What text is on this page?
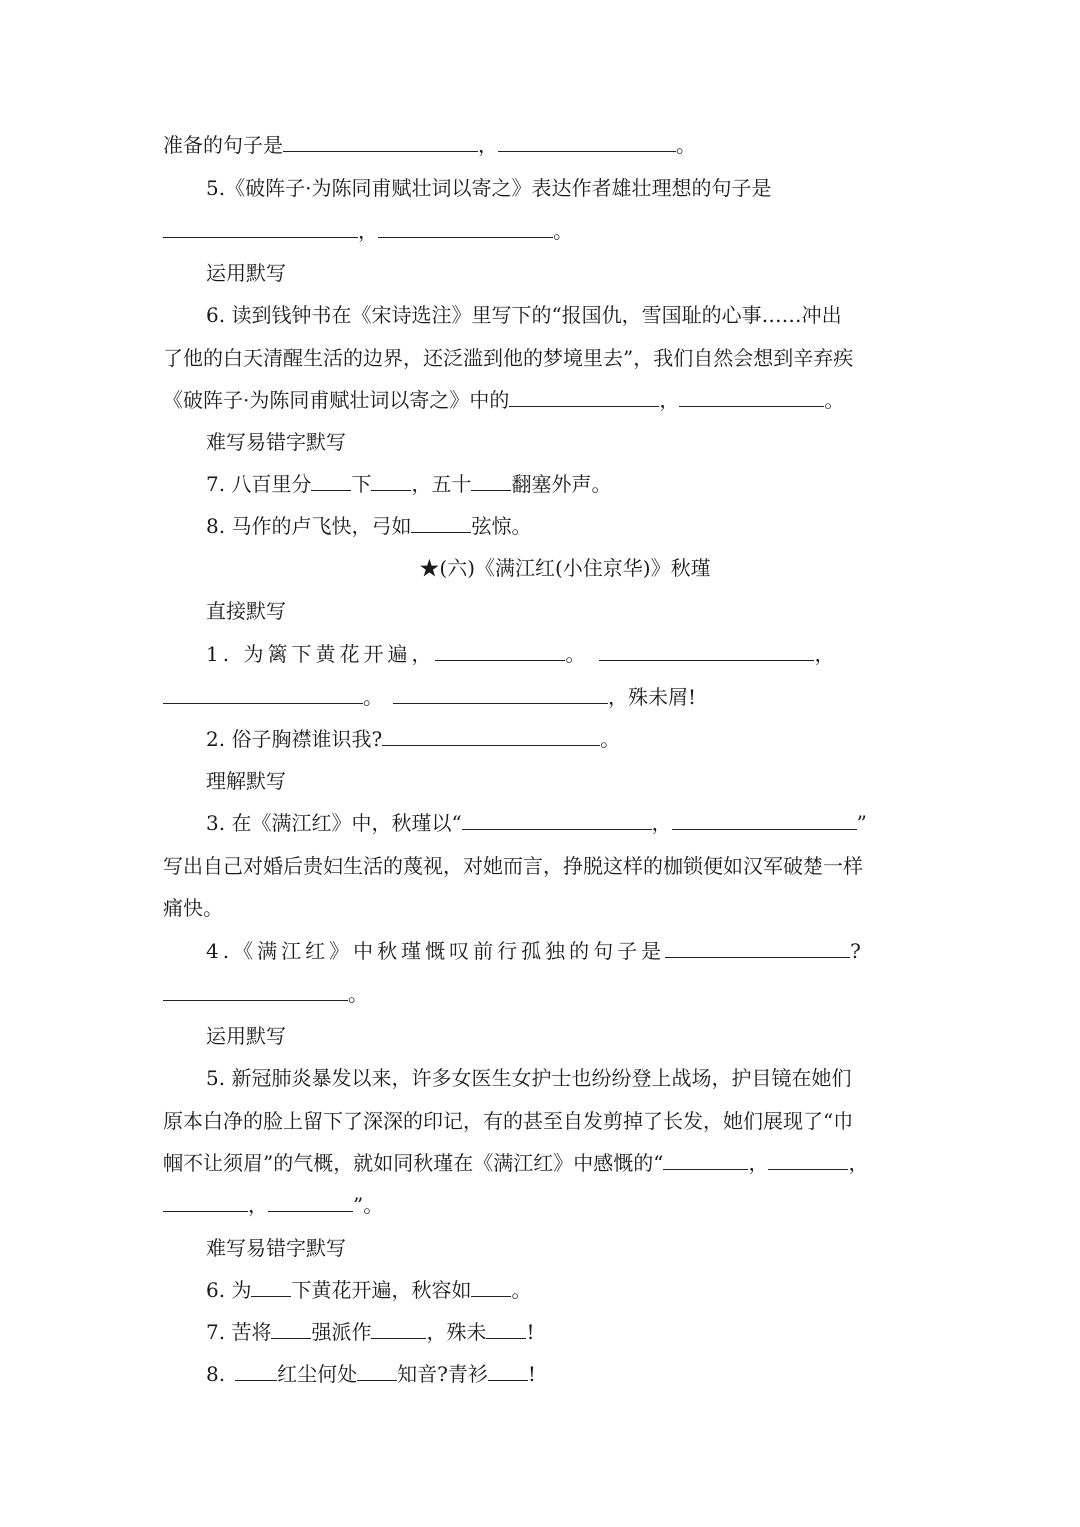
准备的句子是	，	。
5.《破阵子·为陈同甫赋壮词以寄之》表达作者雄壮理想的句子是
，	。
运用默写
6. 读到钱钟书在《宋诗选注》里写下的“报国仇，雪国耻的心事……冲出
了他的白天清醒生活的边界，还泛滥到他的梦境里去”，我们自然会想到辛弃疾
《破阵子·为陈同甫赋壮词以寄之》中的	，	。
难写易错字默写
7. 八百里分 下 ，五十 翻塞外声。
8. 马作的卢飞快，弓如	弦惊。
★(六)《满江红(小住京华)》秋瑾
直接默写
1. 为篱下黄花开遍，	。	，
。	，殊未屑!
2. 俗子胸襟谁识我?	。
理解默写
3. 在《满江红》中，秋瑾以“	，	”
写出自己对婚后贵妇生活的蔑视，对她而言，挣脱这样的枷锁便如汉军破楚一样
痛快。
4.《满江红》中秋瑾慨叹前行孤独的句子是	?
。
运用默写
5. 新冠肺炎暴发以来，许多女医生女护士也纷纷登上战场，护目镜在她们
原本白净的脸上留下了深深的印记，有的甚至自发剪掉了长发，她们展现了“巾
帼不让须眉”的气概，就如同秋瑾在《满江红》中感慨的“	，	，
，	”。
难写易错字默写
6. 为 下黄花开遍，秋容如 。
7. 苦将 强派作	，殊未 !
8.	红尘何处 知音?青衫 !
